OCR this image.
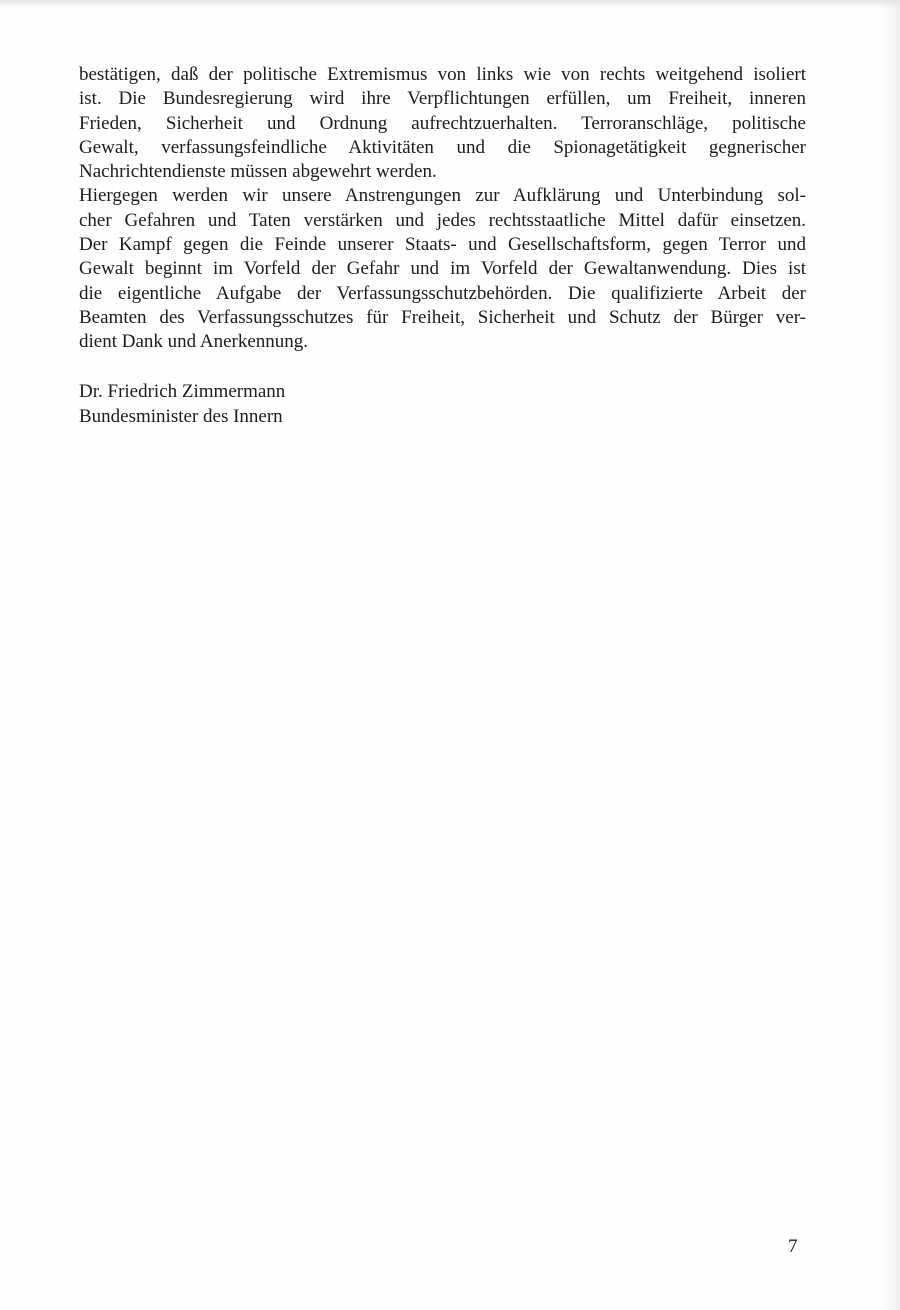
bestätigen, daß der politische Extremismus von links wie von rechts weitgehend isoliert
ist. Die Bundesregierung wird ihre Verpflichtungen erfüllen, um Freiheit, inneren
Frieden, Sicherheit und Ordnung aufrechtzuerhalten. Terroranschläge, politische
Gewalt, verfassungsfeindliche Aktivitäten und die Spionagetätigkeit gegnerischer
Nachrichtendienste müssen abgewehrt werden.

Hiergegen werden wir unsere Anstrengungen zur Aufklärung und Unterbindung sol-
cher Gefahren und Taten verstärken und jedes rechtsstaatliche Mittel dafür einsetzen.
Der Kampf gegen die Feinde unserer Staats- und Gesellschaftsform, gegen Terror und
Gewalt beginnt im Vorfeld der Gefahr und im Vorfeld der Gewaltanwendung. Dies ist
die eigentliche Aufgabe der Verfassungsschutzbehörden. Die qualifizierte Arbeit der
Beamten des Verfassungsschutzes für Freiheit, Sicherheit und Schutz der Bürger ver-
dient Dank und Anerkennung.

Dr. Friedrich Zimmermann
Bundesminister des Innern
7
